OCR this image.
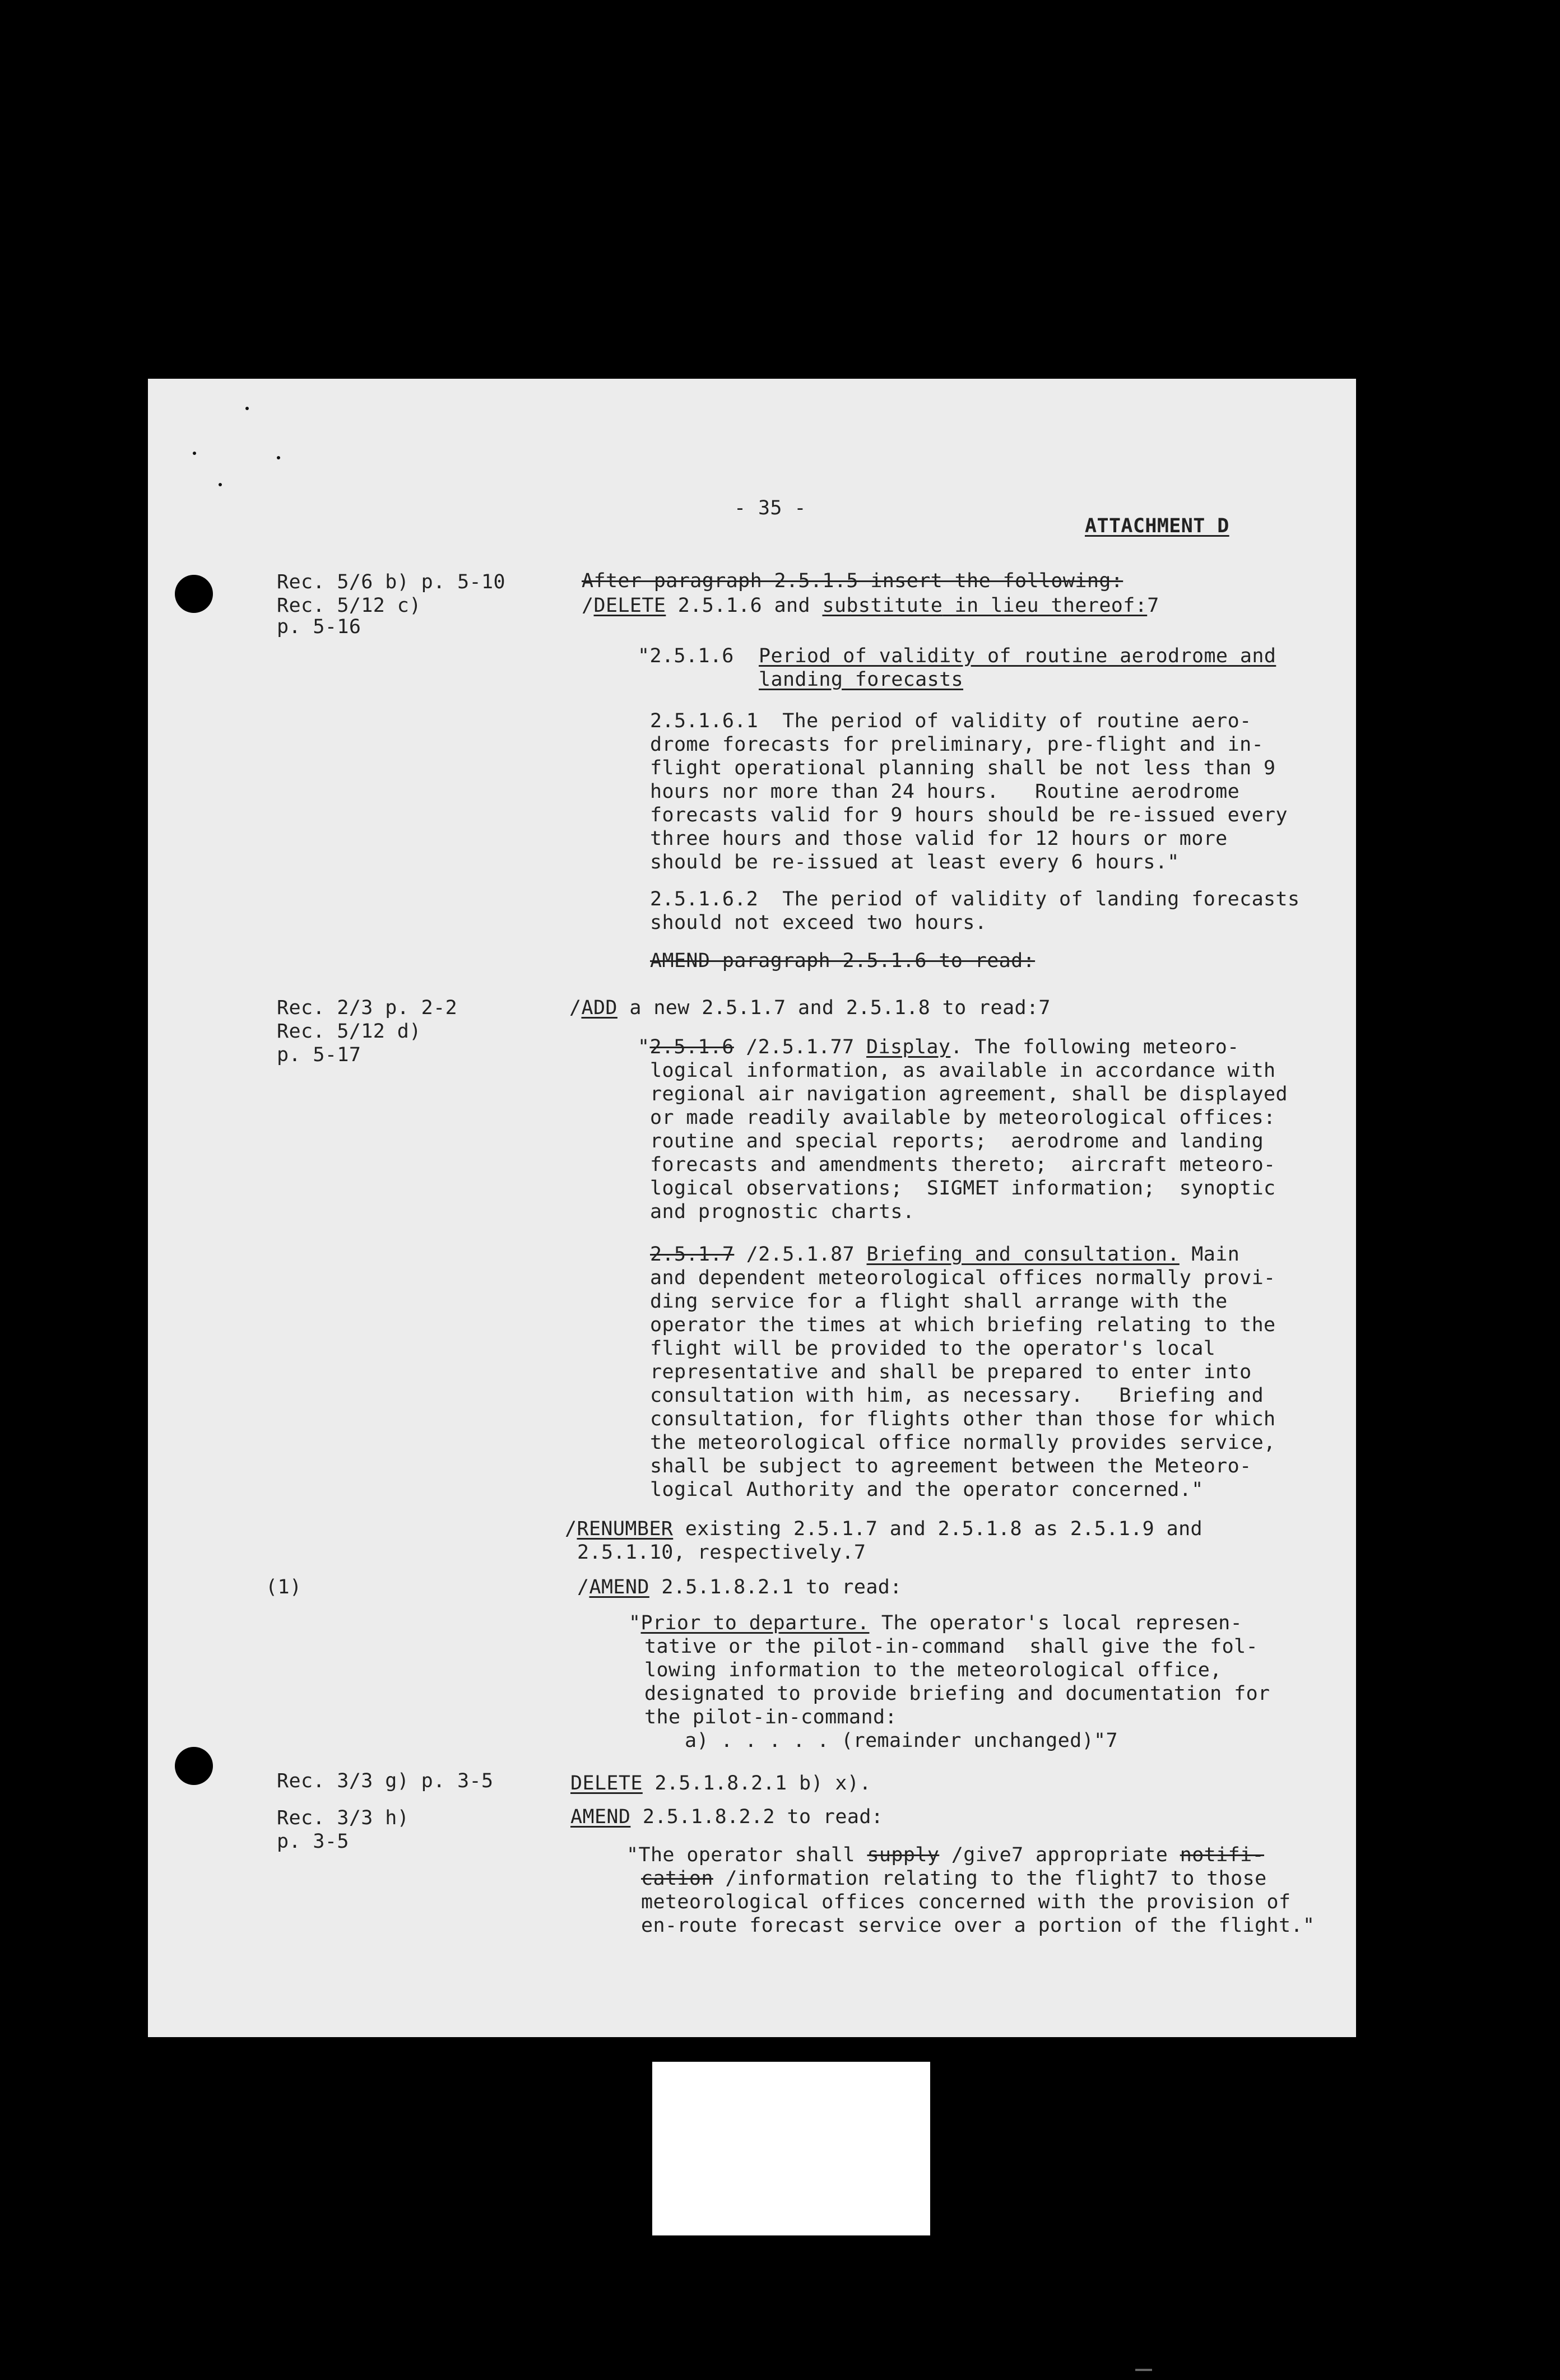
- 35 -
ATTACHMENT D
Rec. 5/6 b) p. 5-10
Rec. 5/12 c)
p. 5-16
After paragraph 2.5.1.5 insert the following:
/DELETE 2.5.1.6 and substitute in lieu thereof:7
"2.5.1.6 Period of validity of routine aerodrome and
landing forecasts
2.5.1.6.1  The period of validity of routine aero-
drome forecasts for preliminary, pre-flight and in-
flight operational planning shall be not less than 9
hours nor more than 24 hours.   Routine aerodrome
forecasts valid for 9 hours should be re-issued every
three hours and those valid for 12 hours or more
should be re-issued at least every 6 hours."
2.5.1.6.2  The period of validity of landing forecasts
should not exceed two hours.
AMEND paragraph 2.5.1.6 to read:
Rec. 2/3 p. 2-2
Rec. 5/12 d)
p. 5-17
/ADD a new 2.5.1.7 and 2.5.1.8 to read:7
"2.5.1.6 /2.5.1.77 Display. The following meteoro-
logical information, as available in accordance with
regional air navigation agreement, shall be displayed
or made readily available by meteorological offices:
routine and special reports;  aerodrome and landing
forecasts and amendments thereto;  aircraft meteoro-
logical observations;  SIGMET information;  synoptic
and prognostic charts.
2.5.1.7 /2.5.1.87 Briefing and consultation. Main
and dependent meteorological offices normally provi-
ding service for a flight shall arrange with the
operator the times at which briefing relating to the
flight will be provided to the operator's local
representative and shall be prepared to enter into
consultation with him, as necessary.   Briefing and
consultation, for flights other than those for which
the meteorological office normally provides service,
shall be subject to agreement between the Meteoro-
logical Authority and the operator concerned."
/RENUMBER existing 2.5.1.7 and 2.5.1.8 as 2.5.1.9 and
2.5.1.10, respectively.7
(1)	/AMEND 2.5.1.8.2.1 to read:
"Prior to departure. The operator's local represen-
tative or the pilot-in-command  shall give the fol-
lowing information to the meteorological office,
designated to provide briefing and documentation for
the pilot-in-command:
a) . . . . . (remainder unchanged)"7
Rec. 3/3 g) p. 3-5
Rec. 3/3 h)
p. 3-5
DELETE 2.5.1.8.2.1 b) x).
AMEND 2.5.1.8.2.2 to read:
"The operator shall supply /give7 appropriate notifi-
cation /information relating to the flight7 to those
meteorological offices concerned with the provision of
en-route forecast service over a portion of the flight."
